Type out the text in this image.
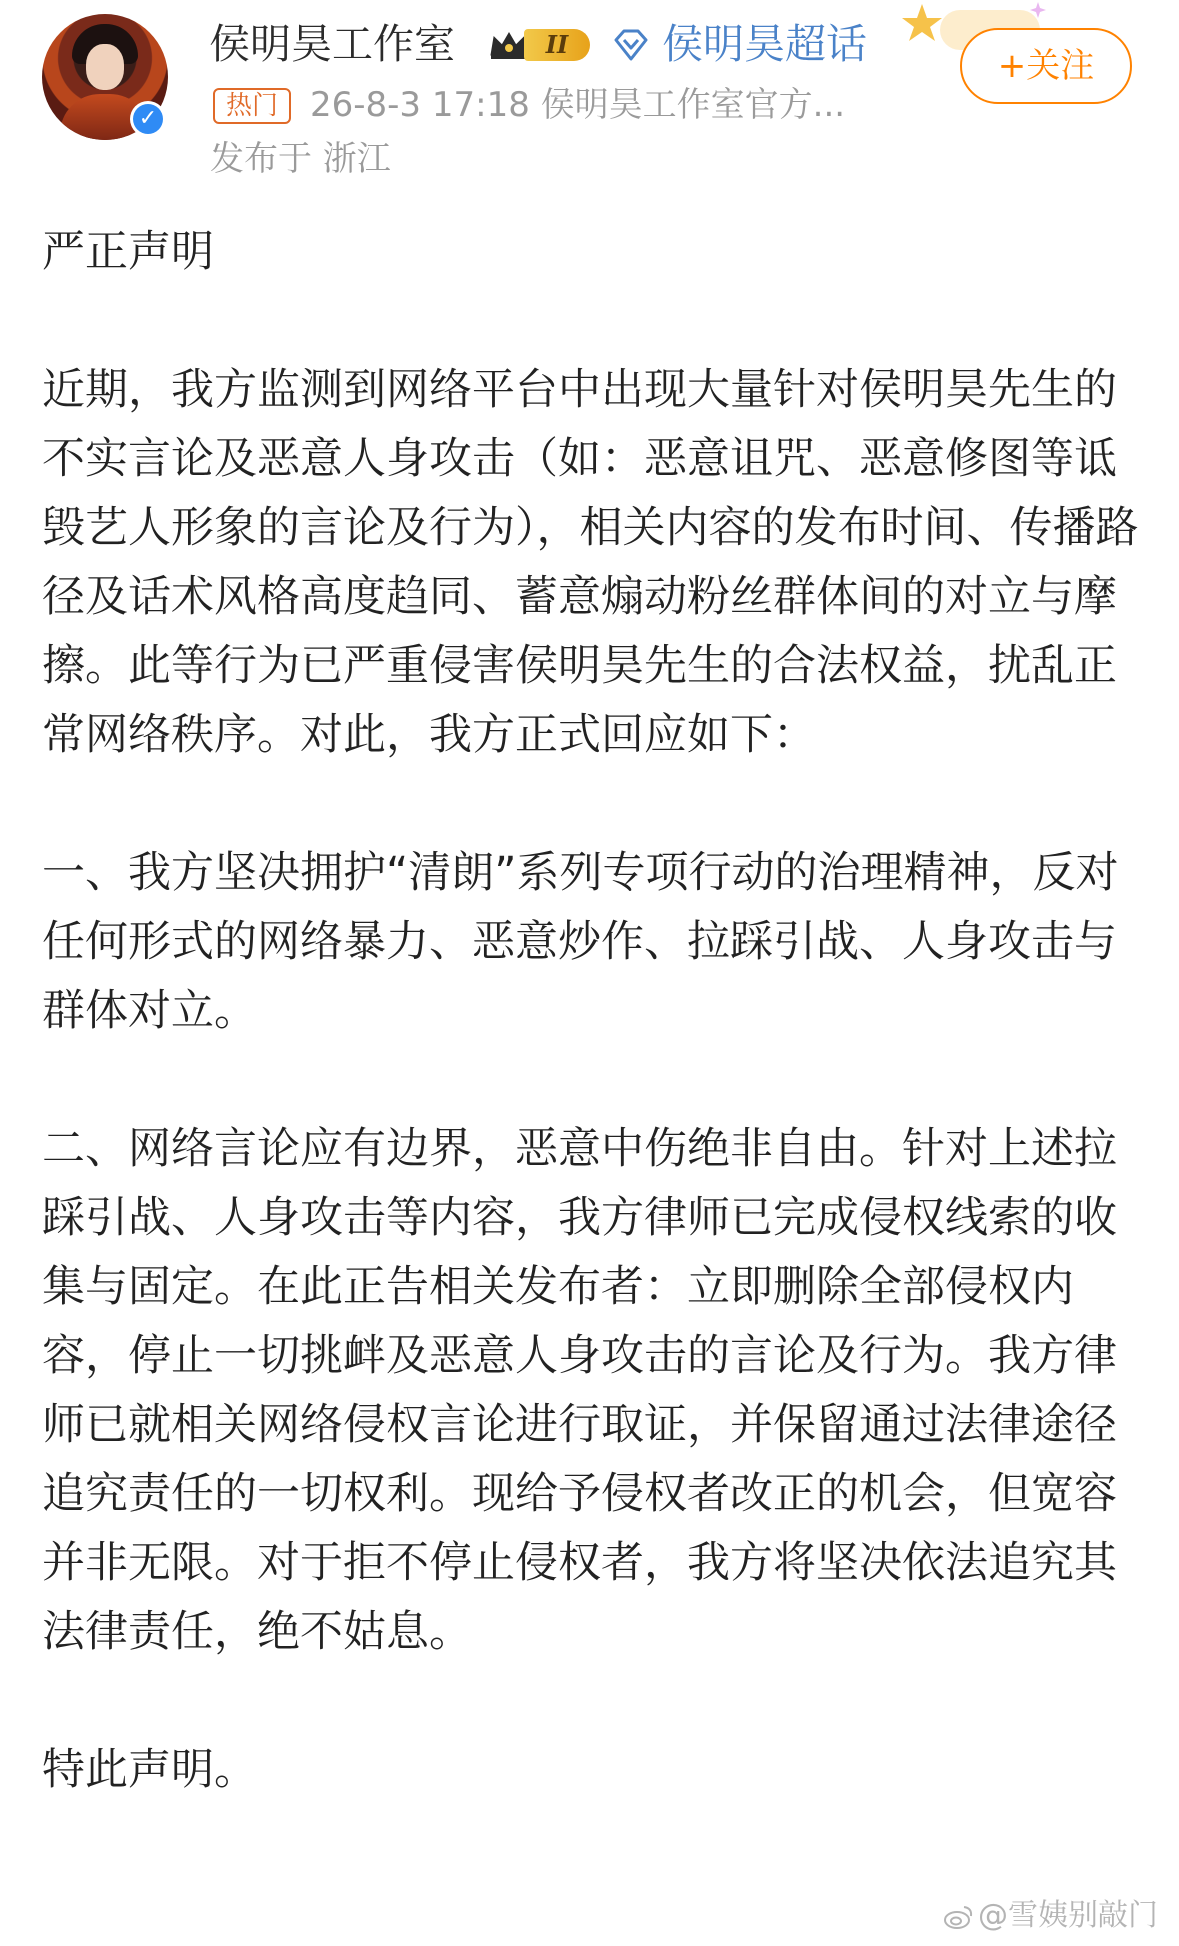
✓
侯明昊工作室	II	侯明昊超话	+关注
热门 26-8-3 17:18 侯明昊工作室官方...
发布于 浙江

严正声明

近期，我方监测到网络平台中出现大量针对侯明昊先生的不实言论及恶意人身攻击（如：恶意诅咒、恶意修图等诋毁艺人形象的言论及行为），相关内容的发布时间、传播路径及话术风格高度趋同、蓄意煽动粉丝群体间的对立与摩擦。此等行为已严重侵害侯明昊先生的合法权益，扰乱正常网络秩序。对此，我方正式回应如下：

一、我方坚决拥护“清朗”系列专项行动的治理精神，反对任何形式的网络暴力、恶意炒作、拉踩引战、人身攻击与群体对立。

二、网络言论应有边界，恶意中伤绝非自由。针对上述拉踩引战、人身攻击等内容，我方律师已完成侵权线索的收集与固定。在此正告相关发布者：立即删除全部侵权内容，停止一切挑衅及恶意人身攻击的言论及行为。我方律师已就相关网络侵权言论进行取证，并保留通过法律途径追究责任的一切权利。现给予侵权者改正的机会，但宽容并非无限。对于拒不停止侵权者，我方将坚决依法追究其法律责任，绝不姑息。

特此声明。

@雪姨别敲门
